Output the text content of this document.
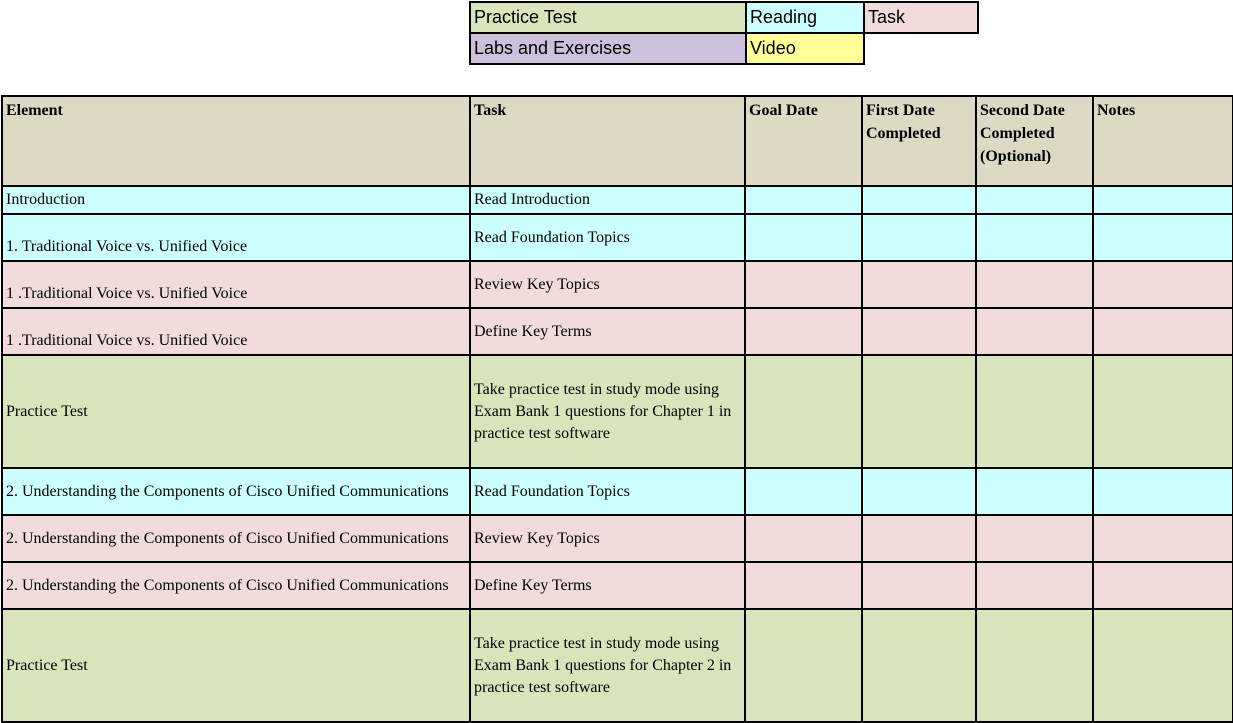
Practice Test	Reading	Task
Labs and Exercises	Video	
Element	Task	Goal Date	First Date Completed	Second Date Completed (Optional)	Notes
Introduction	Read Introduction				
1. Traditional Voice vs. Unified Voice	Read Foundation Topics				
1 .Traditional Voice vs. Unified Voice	Review Key Topics				
1 .Traditional Voice vs. Unified Voice	Define Key Terms				
Practice Test	Take practice test in study mode using Exam Bank 1 questions for Chapter 1 in practice test software				
2. Understanding the Components of Cisco Unified Communications	Read Foundation Topics				
2. Understanding the Components of Cisco Unified Communications	Review Key Topics				
2. Understanding the Components of Cisco Unified Communications	Define Key Terms				
Practice Test	Take practice test in study mode using Exam Bank 1 questions for Chapter 2 in practice test software				
